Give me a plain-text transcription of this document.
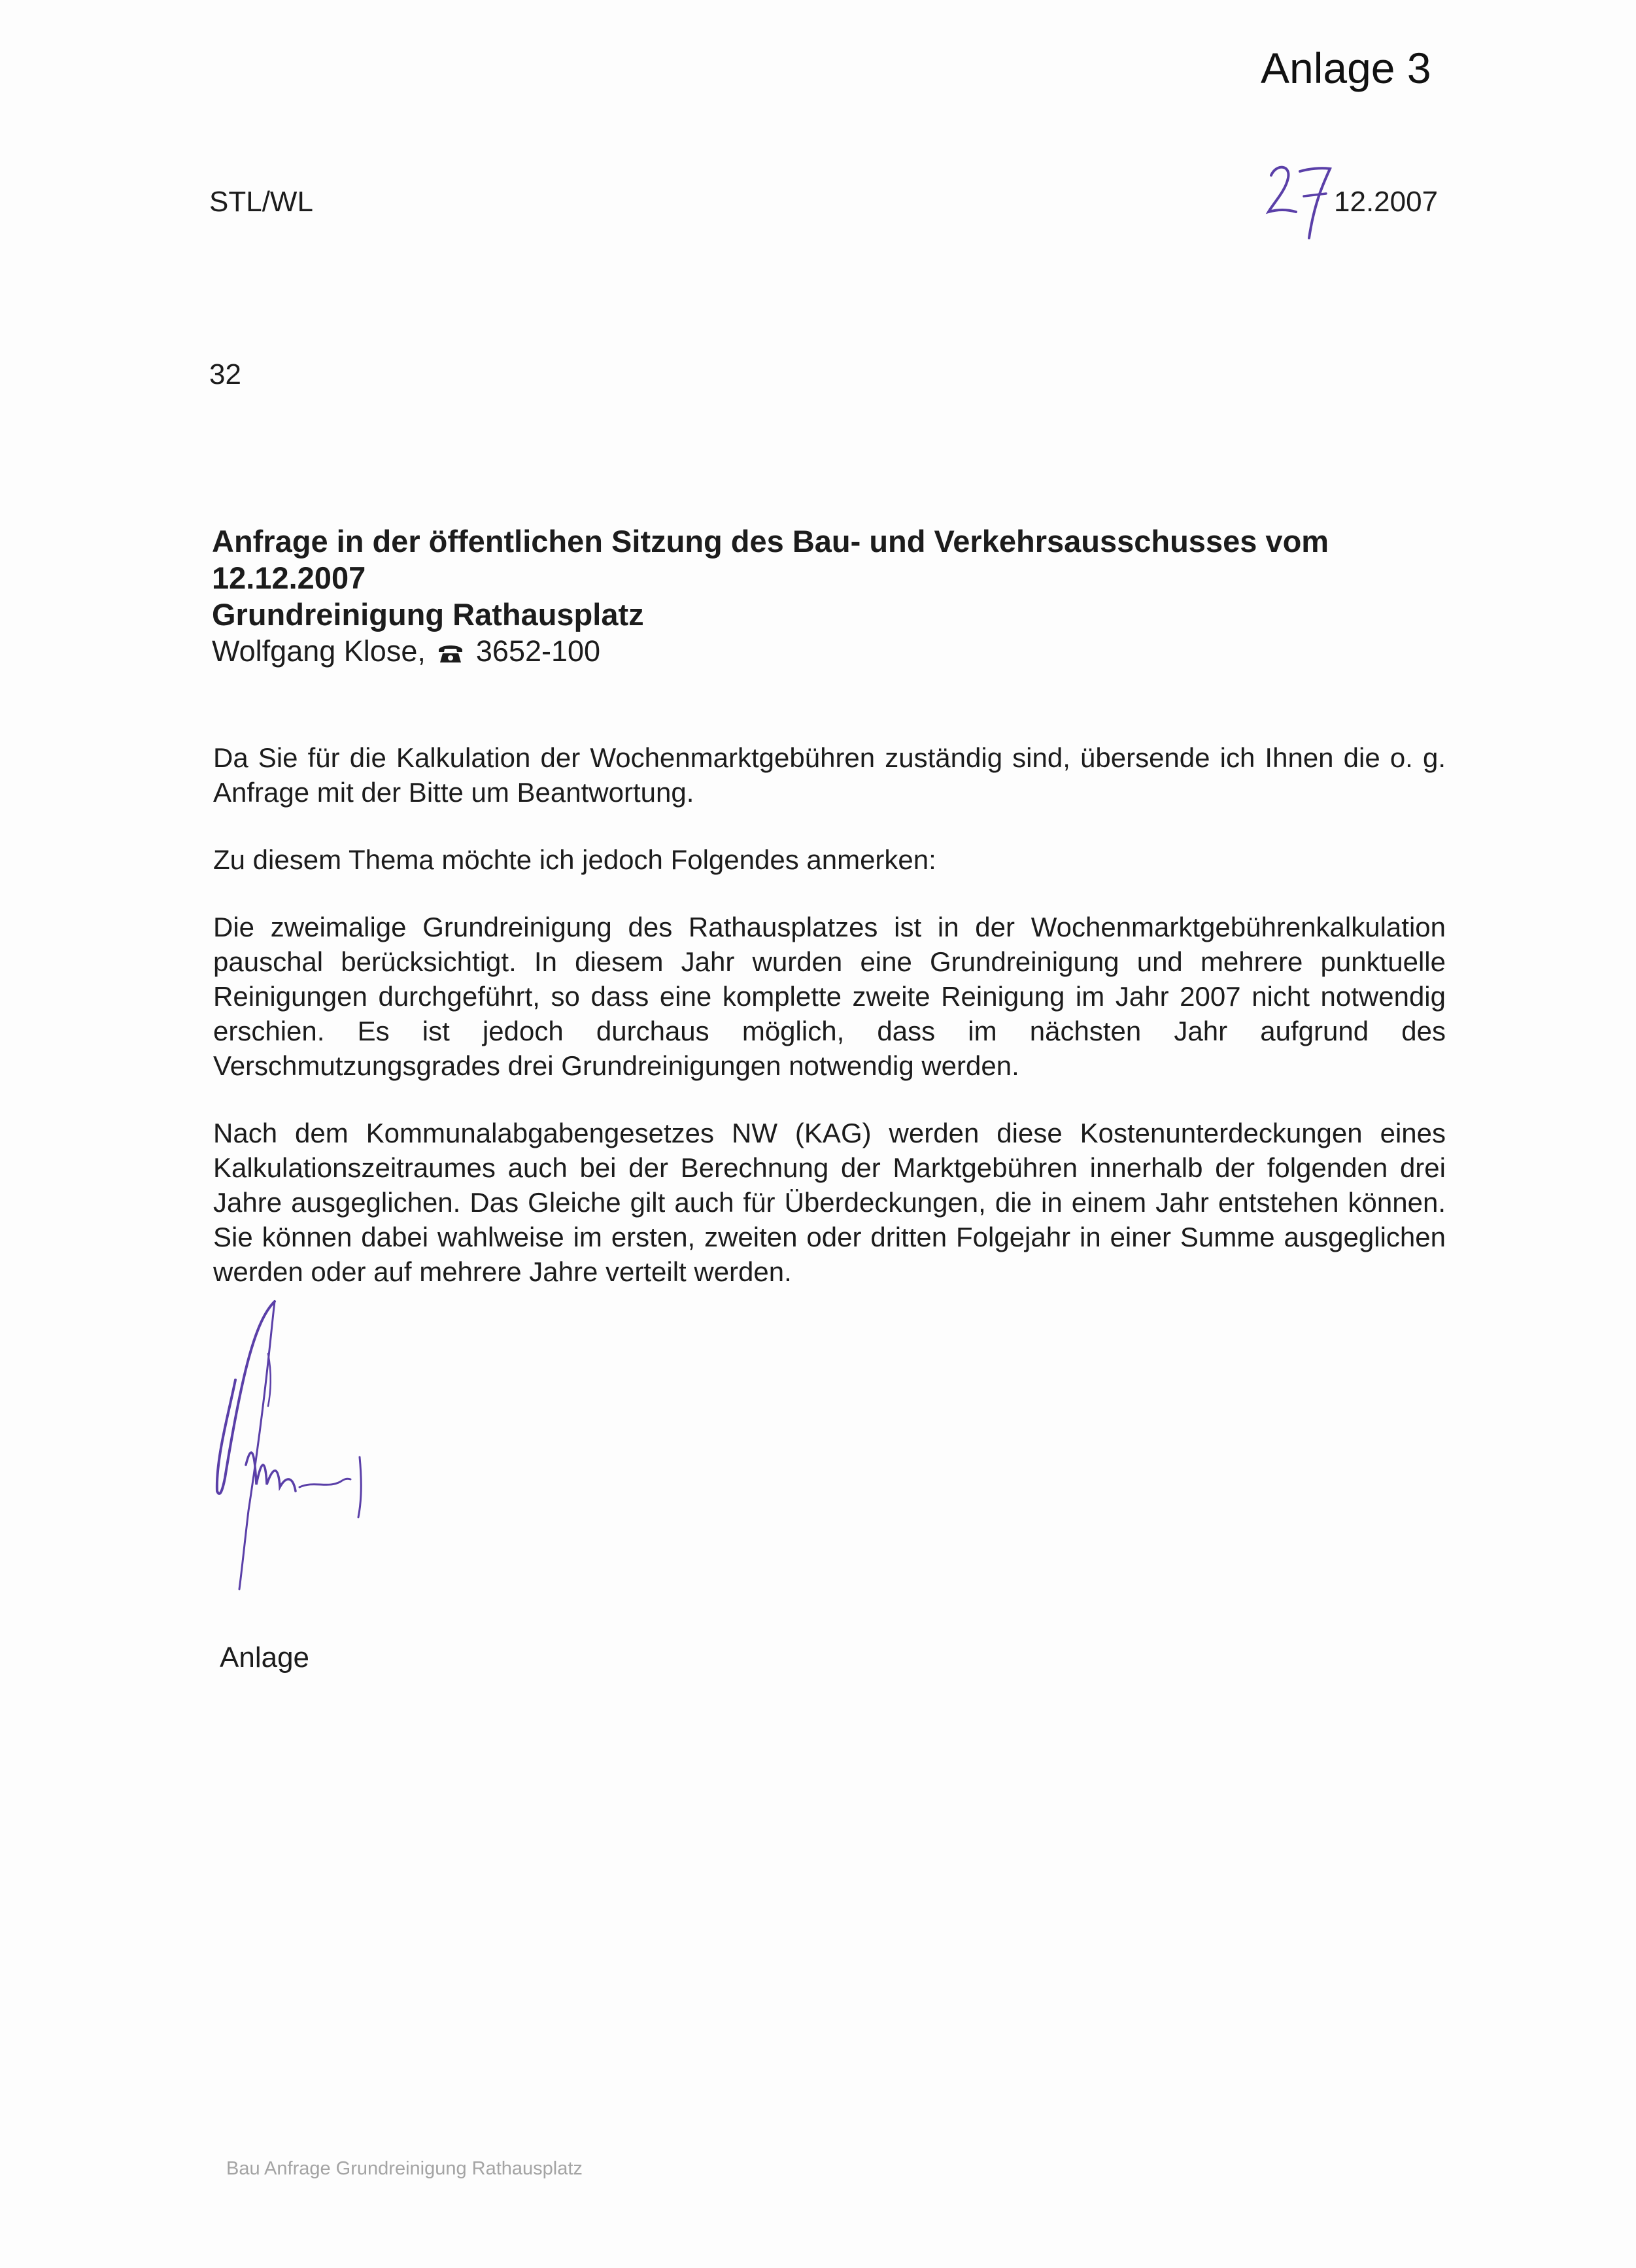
Anlage 3
STL/WL	12.2007
32
Anfrage in der öffentlichen Sitzung des Bau- und Verkehrsausschusses vom
12.12.2007
Grundreinigung Rathausplatz
Wolfgang Klose, 3652-100

Da Sie für die Kalkulation der Wochenmarktgebühren zuständig sind, übersende ich Ihnen die o. g. Anfrage mit der Bitte um Beantwortung.

Zu diesem Thema möchte ich jedoch Folgendes anmerken:

Die zweimalige Grundreinigung des Rathausplatzes ist in der Wochenmarktgebührenkalkulation pauschal berücksichtigt. In diesem Jahr wurden eine Grundreinigung und mehrere punktuelle Reinigungen durchgeführt, so dass eine komplette zweite Reinigung im Jahr 2007 nicht notwendig erschien. Es ist jedoch durchaus möglich, dass im nächsten Jahr aufgrund des Verschmutzungsgrades drei Grundreinigungen notwendig werden.

Nach dem Kommunalabgabengesetzes NW (KAG) werden diese Kostenunterdeckungen eines Kalkulationszeitraumes auch bei der Berechnung der Marktgebühren innerhalb der folgenden drei Jahre ausgeglichen. Das Gleiche gilt auch für Überdeckungen, die in einem Jahr entstehen können. Sie können dabei wahlweise im ersten, zweiten oder dritten Folgejahr in einer Summe ausgeglichen werden oder auf mehrere Jahre verteilt werden.

Anlage
Bau Anfrage Grundreinigung Rathausplatz
